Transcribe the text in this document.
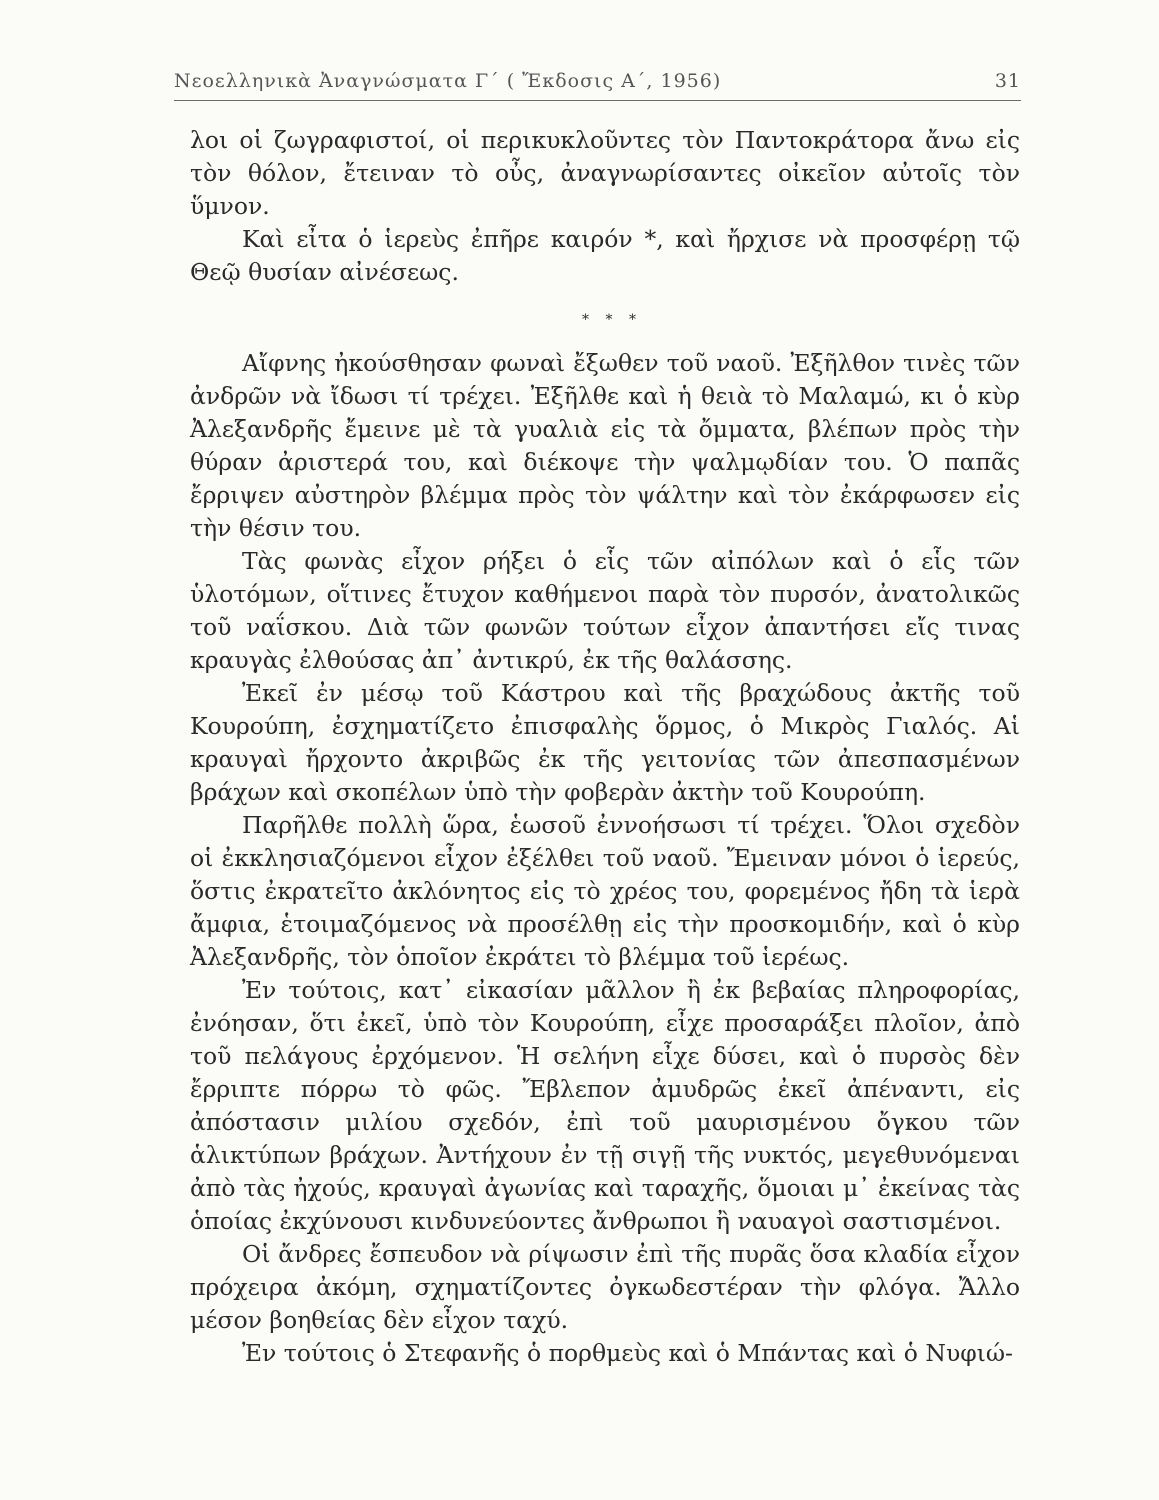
Νεοελληνικὰ Ἀναγνώσματα Γ΄ ( Ἔκδοσις Α΄, 1956)	31

λοι οἱ ζωγραφιστοί, οἱ περικυκλοῦντες τὸν Παντοκράτορα ἄνω εἰς τὸν θόλον, ἔτειναν τὸ οὖς, ἀναγνωρίσαντες οἰκεῖον αὐτοῖς τὸν ὕμνον.

Καὶ εἶτα ὁ ἱερεὺς ἐπῆρε καιρόν *, καὶ ἤρχισε νὰ προσφέρῃ τῷ Θεῷ θυσίαν αἰνέσεως.

* * *

Αἴφνης ἠκούσθησαν φωναὶ ἔξωθεν τοῦ ναοῦ. Ἐξῆλθον τινὲς τῶν ἀνδρῶν νὰ ἴδωσι τί τρέχει. Ἐξῆλθε καὶ ἡ θειὰ τὸ Μαλαμώ, κι ὁ κὺρ Ἀλεξανδρῆς ἔμεινε μὲ τὰ γυαλιὰ εἰς τὰ ὄμματα, βλέπων πρὸς τὴν θύραν ἀριστερά του, καὶ διέκοψε τὴν ψαλμῳδίαν του. Ὁ παπᾶς ἔρριψεν αὐστηρὸν βλέμμα πρὸς τὸν ψάλτην καὶ τὸν ἐκάρφωσεν εἰς τὴν θέσιν του.

Τὰς φωνὰς εἶχον ρήξει ὁ εἷς τῶν αἰπόλων καὶ ὁ εἷς τῶν ὑλοτόμων, οἵτινες ἔτυχον καθήμενοι παρὰ τὸν πυρσόν, ἀνατολικῶς τοῦ ναΐσκου. Διὰ τῶν φωνῶν τούτων εἶχον ἀπαντήσει εἴς τινας κραυγὰς ἐλθούσας ἀπ᾽ ἀντικρύ, ἐκ τῆς θαλάσσης.

Ἐκεῖ ἐν μέσῳ τοῦ Κάστρου καὶ τῆς βραχώδους ἀκτῆς τοῦ Κουρούπη, ἐσχηματίζετο ἐπισφαλὴς ὅρμος, ὁ Μικρὸς Γιαλός. Αἱ κραυγαὶ ἤρχοντο ἀκριβῶς ἐκ τῆς γειτονίας τῶν ἀπεσπασμένων βράχων καὶ σκοπέλων ὑπὸ τὴν φοβερὰν ἀκτὴν τοῦ Κουρούπη.

Παρῆλθε πολλὴ ὥρα, ἑωσοῦ ἐννοήσωσι τί τρέχει. Ὅλοι σχεδὸν οἱ ἐκκλησιαζόμενοι εἶχον ἐξέλθει τοῦ ναοῦ. Ἔμειναν μόνοι ὁ ἱερεύς, ὅστις ἐκρατεῖτο ἀκλόνητος εἰς τὸ χρέος του, φορεμένος ἤδη τὰ ἱερὰ ἄμφια, ἑτοιμαζόμενος νὰ προσέλθῃ εἰς τὴν προσκομιδήν, καὶ ὁ κὺρ Ἀλεξανδρῆς, τὸν ὁποῖον ἐκράτει τὸ βλέμμα τοῦ ἱερέως.

Ἐν τούτοις, κατ᾽ εἰκασίαν μᾶλλον ἢ ἐκ βεβαίας πληροφορίας, ἐνόησαν, ὅτι ἐκεῖ, ὑπὸ τὸν Κουρούπη, εἶχε προσαράξει πλοῖον, ἀπὸ τοῦ πελάγους ἐρχόμενον. Ἡ σελήνη εἶχε δύσει, καὶ ὁ πυρσὸς δὲν ἔρριπτε πόρρω τὸ φῶς. Ἔβλεπον ἀμυδρῶς ἐκεῖ ἀπέναντι, εἰς ἀπόστασιν μιλίου σχεδόν, ἐπὶ τοῦ μαυρισμένου ὄγκου τῶν ἁλικτύπων βράχων. Ἀντήχουν ἐν τῇ σιγῇ τῆς νυκτός, μεγεθυνόμεναι ἀπὸ τὰς ἠχούς, κραυγαὶ ἀγωνίας καὶ ταραχῆς, ὅμοιαι μ᾽ ἐκείνας τὰς ὁποίας ἐκχύνουσι κινδυνεύοντες ἄνθρωποι ἢ ναυαγοὶ σαστισμένοι.

Οἱ ἄνδρες ἔσπευδον νὰ ρίψωσιν ἐπὶ τῆς πυρᾶς ὅσα κλαδία εἶχον πρόχειρα ἀκόμη, σχηματίζοντες ὀγκωδεστέραν τὴν φλόγα. Ἄλλο μέσον βοηθείας δὲν εἶχον ταχύ.

Ἐν τούτοις ὁ Στεφανῆς ὁ πορθμεὺς καὶ ὁ Μπάντας καὶ ὁ Νυφιώ-
